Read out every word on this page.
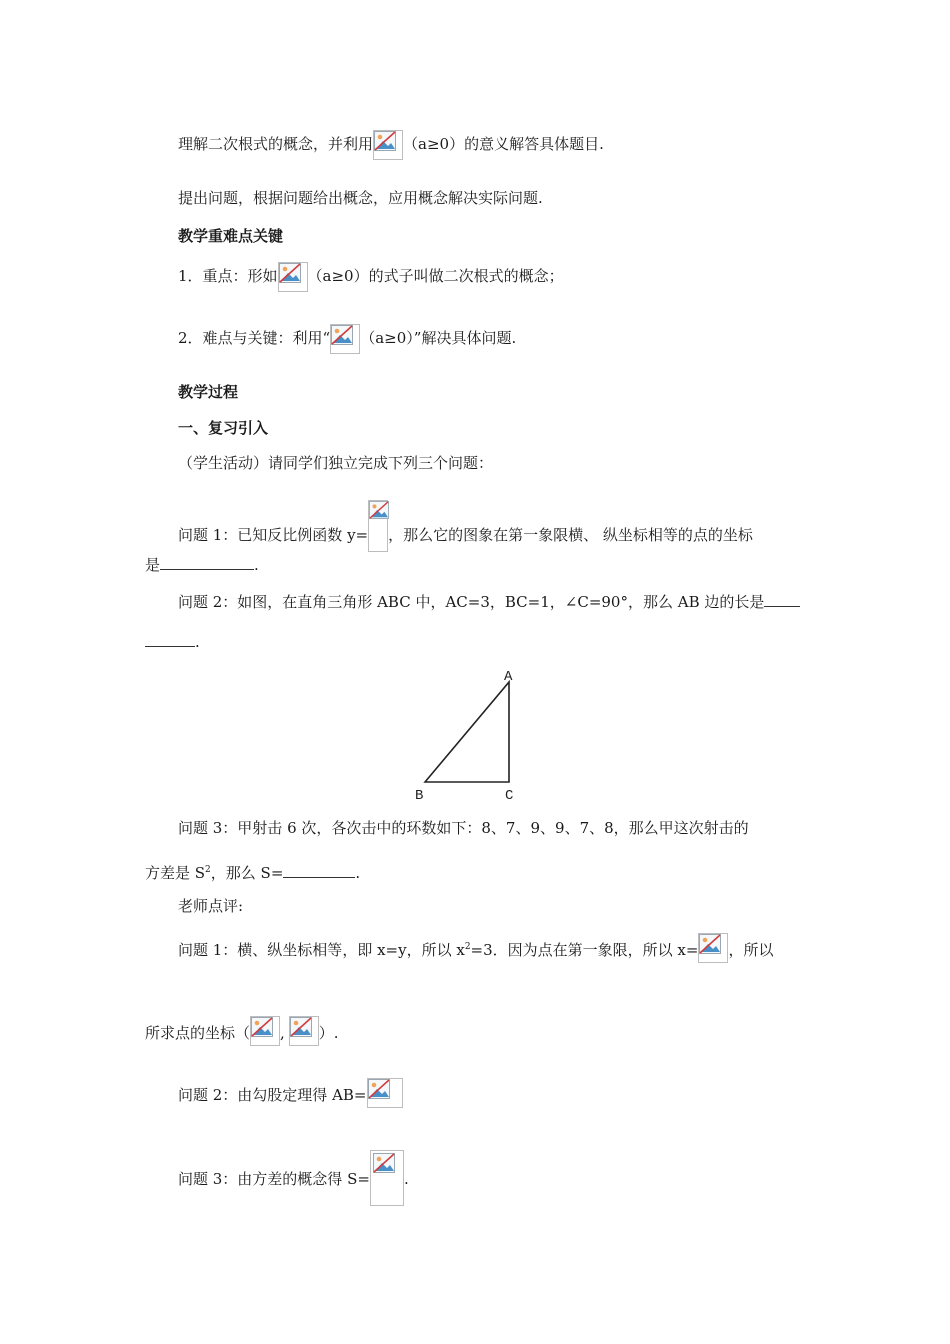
理解二次根式的概念，并利用 （a≥0）的意义解答具体题目.
提出问题，根据问题给出概念，应用概念解决实际问题.
教学重难点关键
1．重点：形如 （a≥0）的式子叫做二次根式的概念；
2．难点与关键：利用“ （a≥0）”解决具体问题.
教学过程
一、复习引入
（学生活动）请同学们独立完成下列三个问题：
问题 1：已知反比例函数 y= ，那么它的图象在第一象限横、 纵坐标相等的点的坐标
是	.
问题 2：如图，在直角三角形 ABC 中，AC=3，BC=1，∠C=90°，那么 AB 边的长是
.
A
B	C
问题 3：甲射击 6 次，各次击中的环数如下：8、7、9、9、7、8，那么甲这次射击的
方差是 $S^2$，那么 S=	.
老师点评:
问题 1：横、纵坐标相等，即 x=y，所以 $x^2=3$．因为点在第一象限，所以 x= ，所以
所求点的坐标（ , ）.
问题 2：由勾股定理得 AB=
问题 3：由方差的概念得 S= .
